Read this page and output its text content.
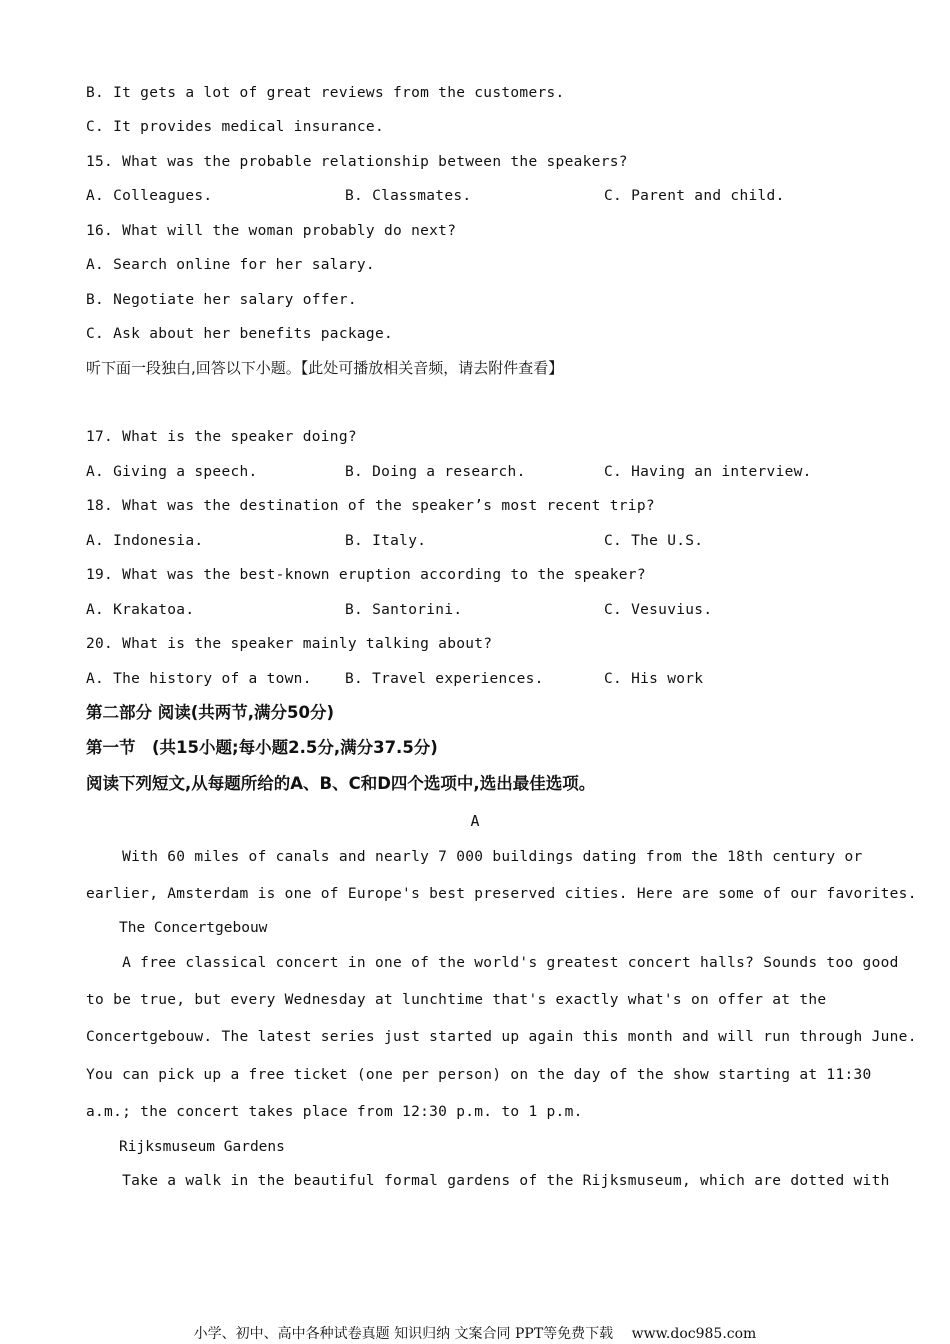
B. It gets a lot of great reviews from the customers.
C. It provides medical insurance.
15. What was the probable relationship between the speakers?
A. Colleagues.	B. Classmates.	C. Parent and child.
16. What will the woman probably do next?
A. Search online for her salary.
B. Negotiate her salary offer.
C. Ask about her benefits package.
听下面一段独白,回答以下小题。【此处可播放相关音频，请去附件查看】
17. What is the speaker doing?
A. Giving a speech.	B. Doing a research.	C. Having an interview.
18. What was the destination of the speaker’s most recent trip?
A. Indonesia.	B. Italy.	C. The U.S.
19. What was the best-known eruption according to the speaker?
A. Krakatoa.	B. Santorini.	C. Vesuvius.
20. What is the speaker mainly talking about?
A. The history of a town. B. Travel experiences.	C. His work
第二部分 阅读(共两节,满分50分)
第一节　(共15小题;每小题2.5分,满分37.5分)
阅读下列短文,从每题所给的A、B、C和D四个选项中,选出最佳选项。
A
With 60 miles of canals and nearly 7 000 buildings dating from the 18th century or
earlier, Amsterdam is one of Europe's best preserved cities. Here are some of our favorites.
The Concertgebouw
A free classical concert in one of the world's greatest concert halls? Sounds too good
to be true, but every Wednesday at lunchtime that's exactly what's on offer at the
Concertgebouw. The latest series just started up again this month and will run through June.
You can pick up a free ticket (one per person) on the day of the show starting at 11:30
a.m.; the concert takes place from 12:30 p.m. to 1 p.m.
Rijksmuseum Gardens
Take a walk in the beautiful formal gardens of the Rijksmuseum, which are dotted with
小学、初中、高中各种试卷真题 知识归纳 文案合同 PPT等免费下载　 www.doc985.com
